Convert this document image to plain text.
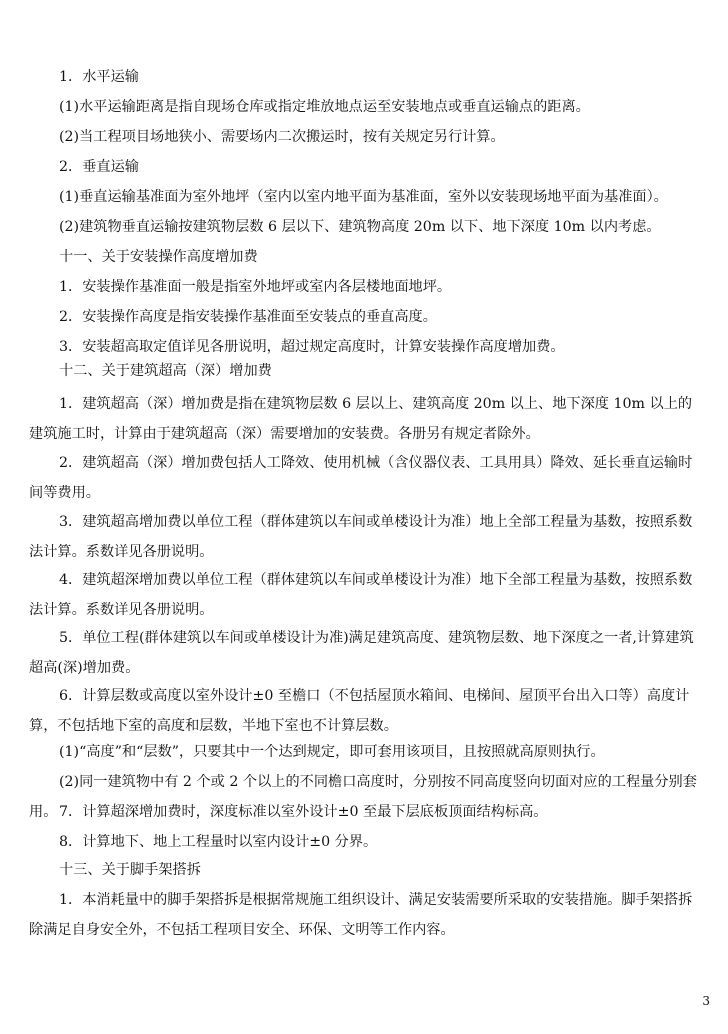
1．水平运输

(1)水平运输距离是指自现场仓库或指定堆放地点运至安装地点或垂直运输点的距离。

(2)当工程项目场地狭小、需要场内二次搬运时，按有关规定另行计算。

2．垂直运输

(1)垂直运输基准面为室外地坪（室内以室内地平面为基准面，室外以安装现场地平面为基准面）。

(2)建筑物垂直运输按建筑物层数 6 层以下、建筑物高度 20m 以下、地下深度 10m 以内考虑。

十一、关于安装操作高度增加费

1．安装操作基准面一般是指室外地坪或室内各层楼地面地坪。

2．安装操作高度是指安装操作基准面至安装点的垂直高度。

3．安装超高取定值详见各册说明，超过规定高度时，计算安装操作高度增加费。

十二、关于建筑超高（深）增加费

1．建筑超高（深）增加费是指在建筑物层数 6 层以上、建筑高度 20m 以上、地下深度 10m 以上的建筑施工时，计算由于建筑超高（深）需要增加的安装费。各册另有规定者除外。

2．建筑超高（深）增加费包括人工降效、使用机械（含仪器仪表、工具用具）降效、延长垂直运输时间等费用。

3．建筑超高增加费以单位工程（群体建筑以车间或单楼设计为准）地上全部工程量为基数，按照系数法计算。系数详见各册说明。

4．建筑超深增加费以单位工程（群体建筑以车间或单楼设计为准）地下全部工程量为基数，按照系数法计算。系数详见各册说明。

5．单位工程(群体建筑以车间或单楼设计为准)满足建筑高度、建筑物层数、地下深度之一者,计算建筑超高(深)增加费。

6．计算层数或高度以室外设计±0 至檐口（不包括屋顶水箱间、电梯间、屋顶平台出入口等）高度计算，不包括地下室的高度和层数，半地下室也不计算层数。

(1)“高度”和“层数”，只要其中一个达到规定，即可套用该项目，且按照就高原则执行。

(2)同一建筑物中有 2 个或 2 个以上的不同檐口高度时，分别按不同高度竖向切面对应的工程量分别套用。 7．计算超深增加费时，深度标准以室外设计±0 至最下层底板顶面结构标高。

8．计算地下、地上工程量时以室内设计±0 分界。

十三、关于脚手架搭拆

1．本消耗量中的脚手架搭拆是根据常规施工组织设计、满足安装需要所采取的安装措施。脚手架搭拆除满足自身安全外，不包括工程项目安全、环保、文明等工作内容。

3
